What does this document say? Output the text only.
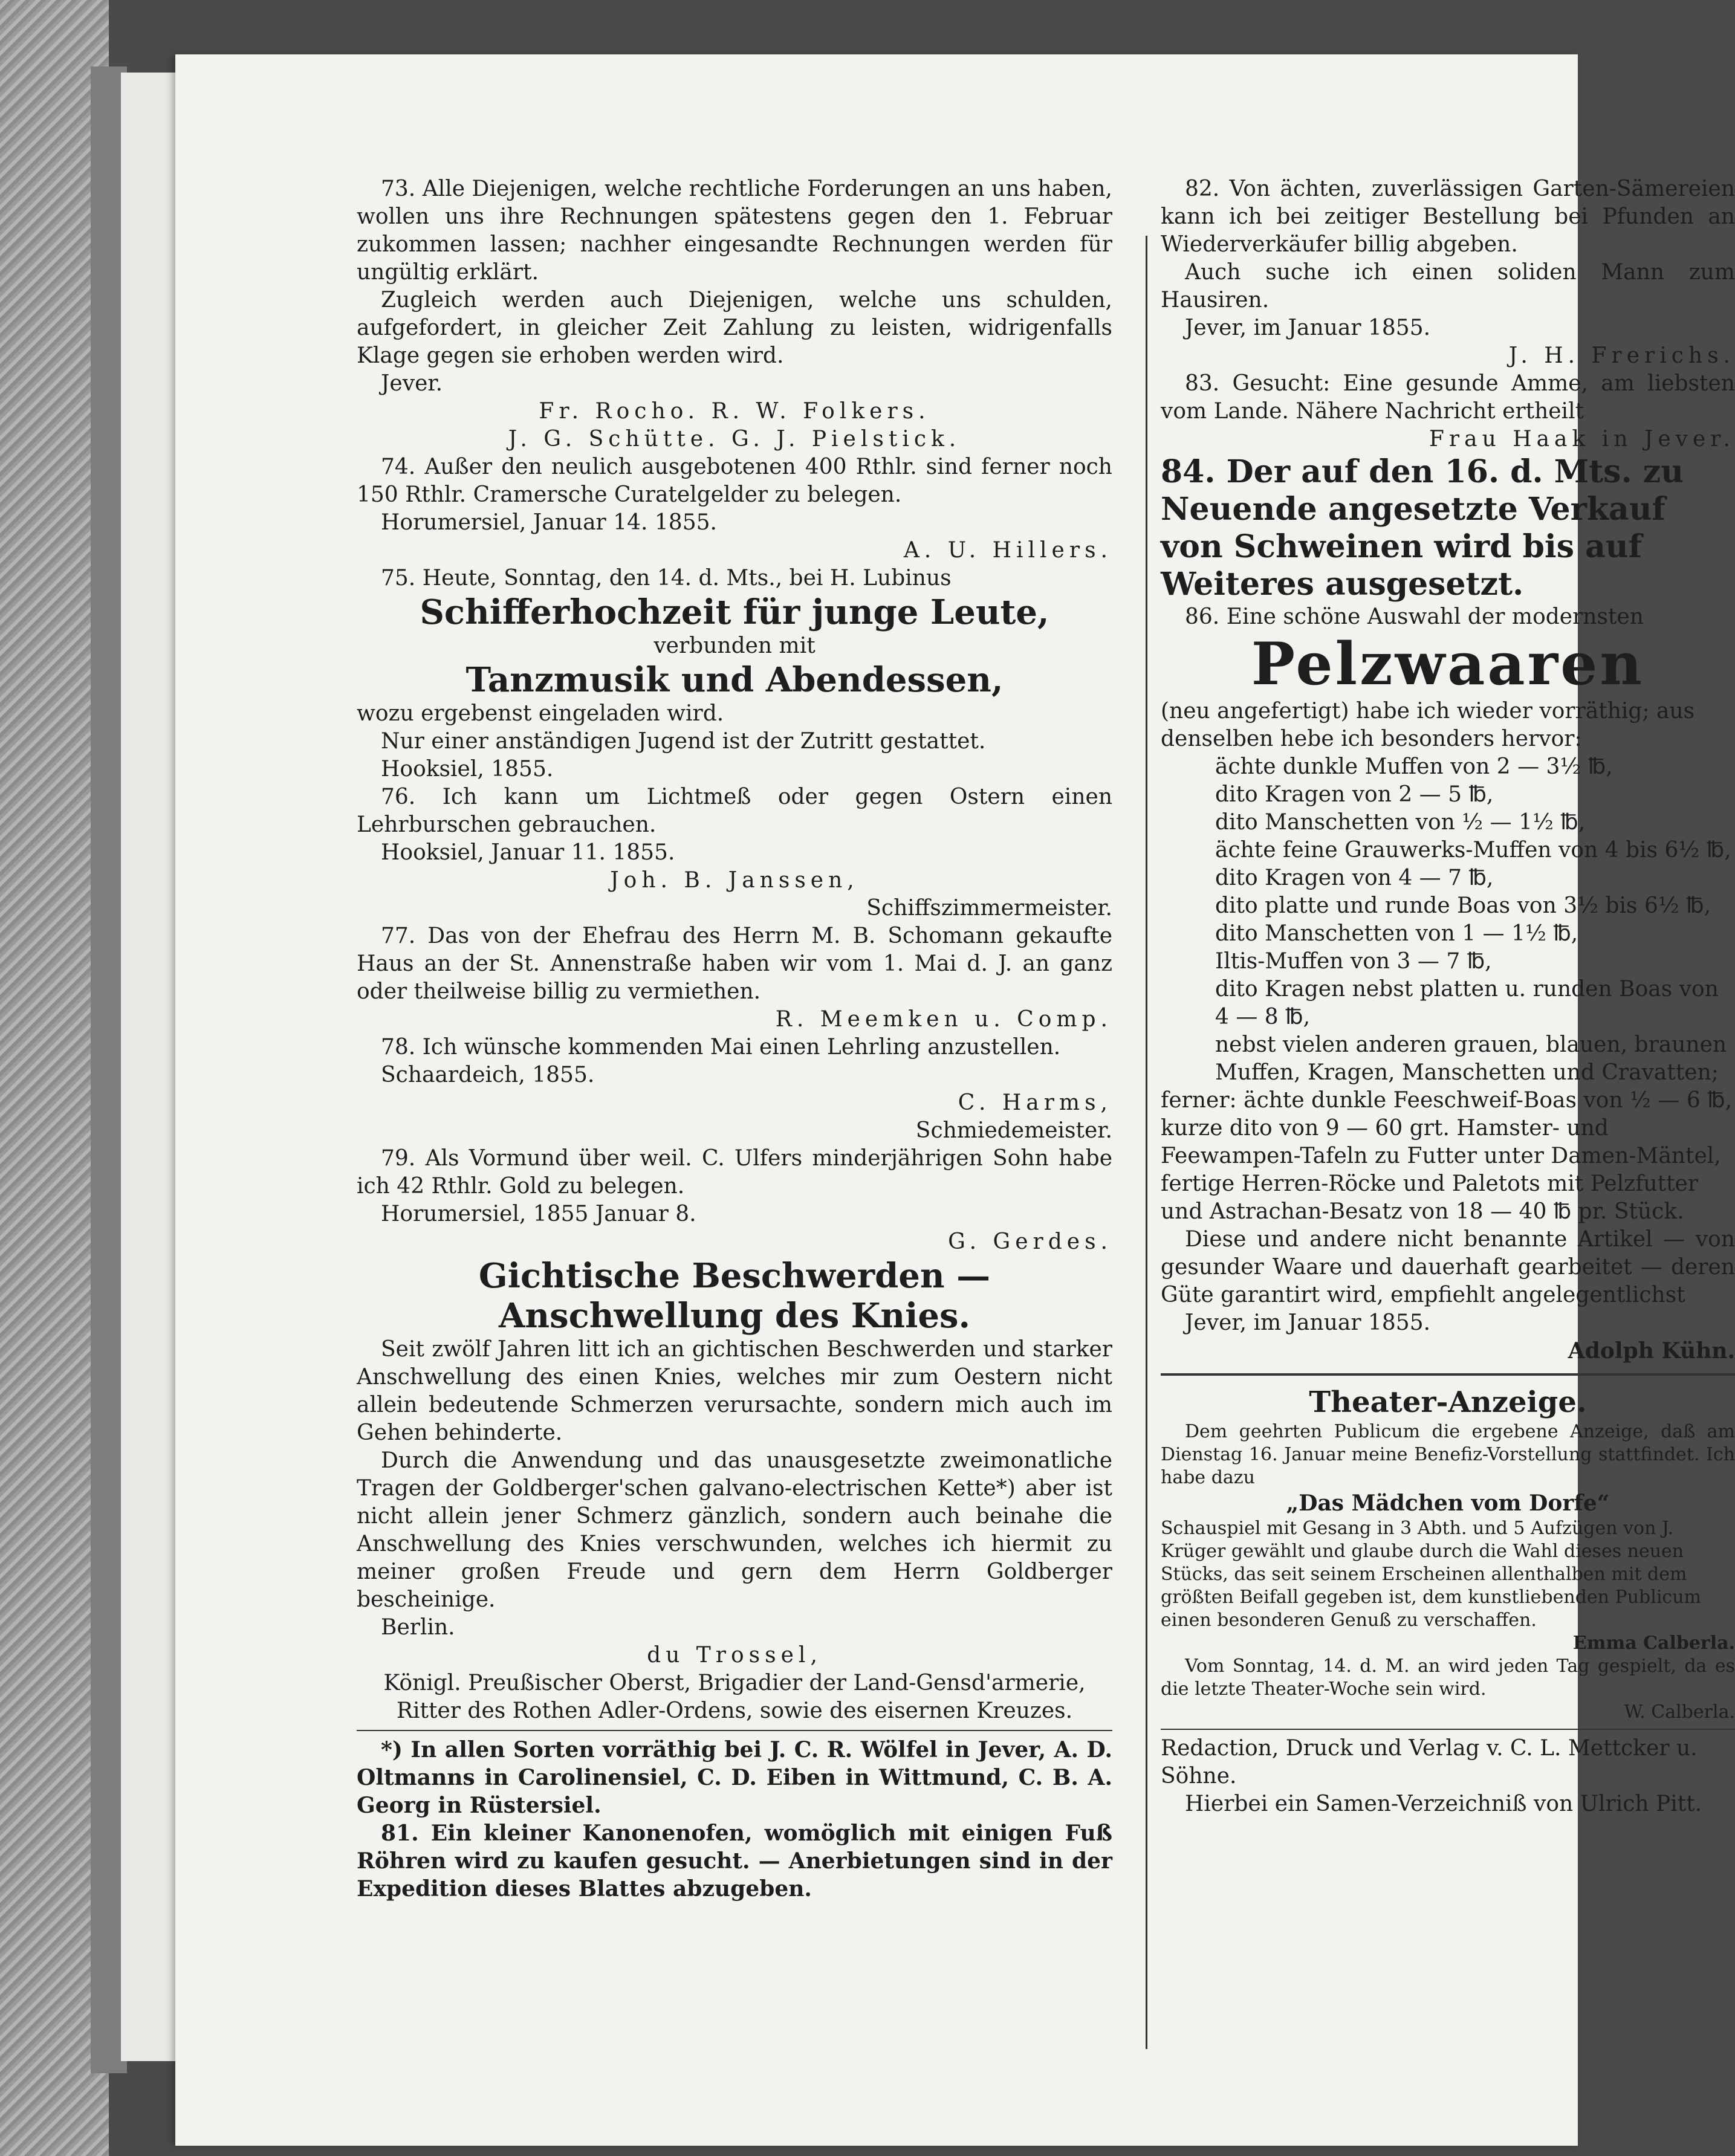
73. Alle Diejenigen, welche rechtliche Forderungen an uns haben, wollen uns ihre Rechnungen spätestens gegen den 1. Februar zukommen lassen; nachher eingesandte Rechnungen werden für ungültig erklärt.

Zugleich werden auch Diejenigen, welche uns schulden, aufgefordert, in gleicher Zeit Zahlung zu leisten, widrigenfalls Klage gegen sie erhoben werden wird.

Jever.

Fr. Rocho. R. W. Folkers.

J. G. Schütte. G. J. Pielstick.

74. Außer den neulich ausgebotenen 400 Rthlr. sind ferner noch 150 Rthlr. Cramersche Curatelgelder zu belegen.

Horumersiel, Januar 14. 1855.

A. U. Hillers.

75. Heute, Sonntag, den 14. d. Mts., bei H. Lubinus

Schifferhochzeit für junge Leute,

verbunden mit

Tanzmusik und Abendessen,

wozu ergebenst eingeladen wird.

Nur einer anständigen Jugend ist der Zutritt gestattet.

Hooksiel, 1855.

76. Ich kann um Lichtmeß oder gegen Ostern einen Lehrburschen gebrauchen.

Hooksiel, Januar 11. 1855.

Joh. B. Janssen,

Schiffszimmermeister.

77. Das von der Ehefrau des Herrn M. B. Schomann gekaufte Haus an der St. Annenstraße haben wir vom 1. Mai d. J. an ganz oder theilweise billig zu vermiethen.

R. Meemken u. Comp.

78. Ich wünsche kommenden Mai einen Lehrling anzustellen.

Schaardeich, 1855.

C. Harms,

Schmiedemeister.

79. Als Vormund über weil. C. Ulfers minderjährigen Sohn habe ich 42 Rthlr. Gold zu belegen.

Horumersiel, 1855 Januar 8.

G. Gerdes.

Gichtische Beschwerden — Anschwellung des Knies.

Seit zwölf Jahren litt ich an gichtischen Beschwerden und starker Anschwellung des einen Knies, welches mir zum Oestern nicht allein bedeutende Schmerzen verursachte, sondern mich auch im Gehen behinderte.

Durch die Anwendung und das unausgesetzte zweimonatliche Tragen der Goldberger'schen galvano-electrischen Kette*) aber ist nicht allein jener Schmerz gänzlich, sondern auch beinahe die Anschwellung des Knies verschwunden, welches ich hiermit zu meiner großen Freude und gern dem Herrn Goldberger bescheinige.

Berlin.

du Trossel,

Königl. Preußischer Oberst, Brigadier der Land-Gensd'armerie, Ritter des Rothen Adler-Ordens, sowie des eisernen Kreuzes.

*) In allen Sorten vorräthig bei J. C. R. Wölfel in Jever, A. D. Oltmanns in Carolinensiel, C. D. Eiben in Wittmund, C. B. A. Georg in Rüstersiel.

81. Ein kleiner Kanonenofen, womöglich mit einigen Fuß Röhren wird zu kaufen gesucht. — Anerbietungen sind in der Expedition dieses Blattes abzugeben.

82. Von ächten, zuverlässigen Garten-Sämereien kann ich bei zeitiger Bestellung bei Pfunden an Wiederverkäufer billig abgeben.

Auch suche ich einen soliden Mann zum Hausiren.

Jever, im Januar 1855.

J. H. Frerichs.

83. Gesucht: Eine gesunde Amme, am liebsten vom Lande. Nähere Nachricht ertheilt

Frau Haak in Jever.

84. Der auf den 16. d. Mts. zu Neuende angesetzte Verkauf von Schweinen wird bis auf Weiteres ausgesetzt.

86. Eine schöne Auswahl der modernsten

Pelzwaaren

(neu angefertigt) habe ich wieder vorräthig; aus denselben hebe ich besonders hervor:

ächte dunkle Muffen von 2 — 3½ ℔,

dito Kragen von 2 — 5 ℔,

dito Manschetten von ½ — 1½ ℔,

ächte feine Grauwerks-Muffen von 4 bis 6½ ℔,

dito Kragen von 4 — 7 ℔,

dito platte und runde Boas von 3½ bis 6½ ℔,

dito Manschetten von 1 — 1½ ℔,

Iltis-Muffen von 3 — 7 ℔,

dito Kragen nebst platten u. runden Boas von 4 — 8 ℔,

nebst vielen anderen grauen, blauen, braunen Muffen, Kragen, Manschetten und Cravatten;

ferner: ächte dunkle Feeschweif-Boas von ½ — 6 ℔, kurze dito von 9 — 60 grt. Hamster- und Feewampen-Tafeln zu Futter unter Damen-Mäntel, fertige Herren-Röcke und Paletots mit Pelzfutter und Astrachan-Besatz von 18 — 40 ℔ pr. Stück.

Diese und andere nicht benannte Artikel — von gesunder Waare und dauerhaft gearbeitet — deren Güte garantirt wird, empfiehlt angelegentlichst

Jever, im Januar 1855.

Adolph Kühn.

Theater-Anzeige.

Dem geehrten Publicum die ergebene Anzeige, daß am Dienstag 16. Januar meine Benefiz-Vorstellung stattfindet. Ich habe dazu

„Das Mädchen vom Dorfe“

Schauspiel mit Gesang in 3 Abth. und 5 Aufzügen von J. Krüger gewählt und glaube durch die Wahl dieses neuen Stücks, das seit seinem Erscheinen allenthalben mit dem größten Beifall gegeben ist, dem kunstliebenden Publicum einen besonderen Genuß zu verschaffen.

Emma Calberla.

Vom Sonntag, 14. d. M. an wird jeden Tag gespielt, da es die letzte Theater-Woche sein wird.

W. Calberla.

Redaction, Druck und Verlag v. C. L. Mettcker u. Söhne.

Hierbei ein Samen-Verzeichniß von Ulrich Pitt.
